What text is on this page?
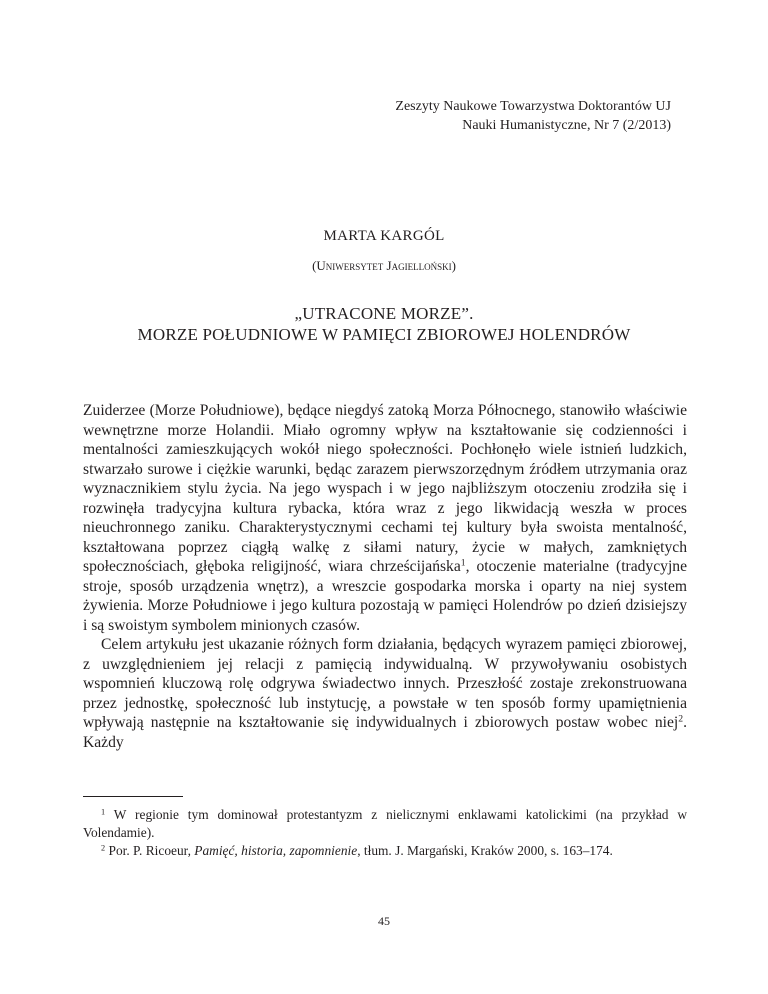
Zeszyty Naukowe Towarzystwa Doktorantów UJ
Nauki Humanistyczne, Nr 7 (2/2013)
MARTA KARGÓL
(Uniwersytet Jagielloński)
„UTRACONE MORZE”.
MORZE POŁUDNIOWE W PAMIĘCI ZBIOROWEJ HOLENDRÓW

Zuiderzee (Morze Południowe), będące niegdyś zatoką Morza Północnego, stanowiło właściwie wewnętrzne morze Holandii. Miało ogromny wpływ na kształtowanie się codzienności i mentalności zamieszkujących wokół niego społeczności. Pochłonęło wiele istnień ludzkich, stwarzało surowe i ciężkie warunki, będąc zarazem pierwszorzędnym źródłem utrzymania oraz wyznacznikiem stylu życia. Na jego wyspach i w jego najbliższym otoczeniu zrodziła się i rozwinęła tradycyjna kultura rybacka, która wraz z jego likwidacją weszła w proces nieuchronnego zaniku. Charakterystycznymi cechami tej kultury była swoista mentalność, kształtowana poprzez ciągłą walkę z siłami natury, życie w małych, zamkniętych społecznościach, głęboka religijność, wiara chrześcijańska$^1$, otoczenie materialne (tradycyjne stroje, sposób urządzenia wnętrz), a wreszcie gospodarka morska i oparty na niej system żywienia. Morze Południowe i jego kultura pozostają w pamięci Holendrów po dzień dzisiejszy i są swoistym symbolem minionych czasów.

Celem artykułu jest ukazanie różnych form działania, będących wyrazem pamięci zbiorowej, z uwzględnieniem jej relacji z pamięcią indywidualną. W przywoływaniu osobistych wspomnień kluczową rolę odgrywa świadectwo innych. Przeszłość zostaje zrekonstruowana przez jednostkę, społeczność lub instytucję, a powstałe w ten sposób formy upamiętnienia wpływają następnie na kształtowanie się indywidualnych i zbiorowych postaw wobec niej$^2$. Każdy

$^1$ W regionie tym dominował protestantyzm z nielicznymi enklawami katolickimi (na przykład w Volendamie).

$^2$ Por. P. Ricoeur, Pamięć, historia, zapomnienie, tłum. J. Margański, Kraków 2000, s. 163–174.

45
